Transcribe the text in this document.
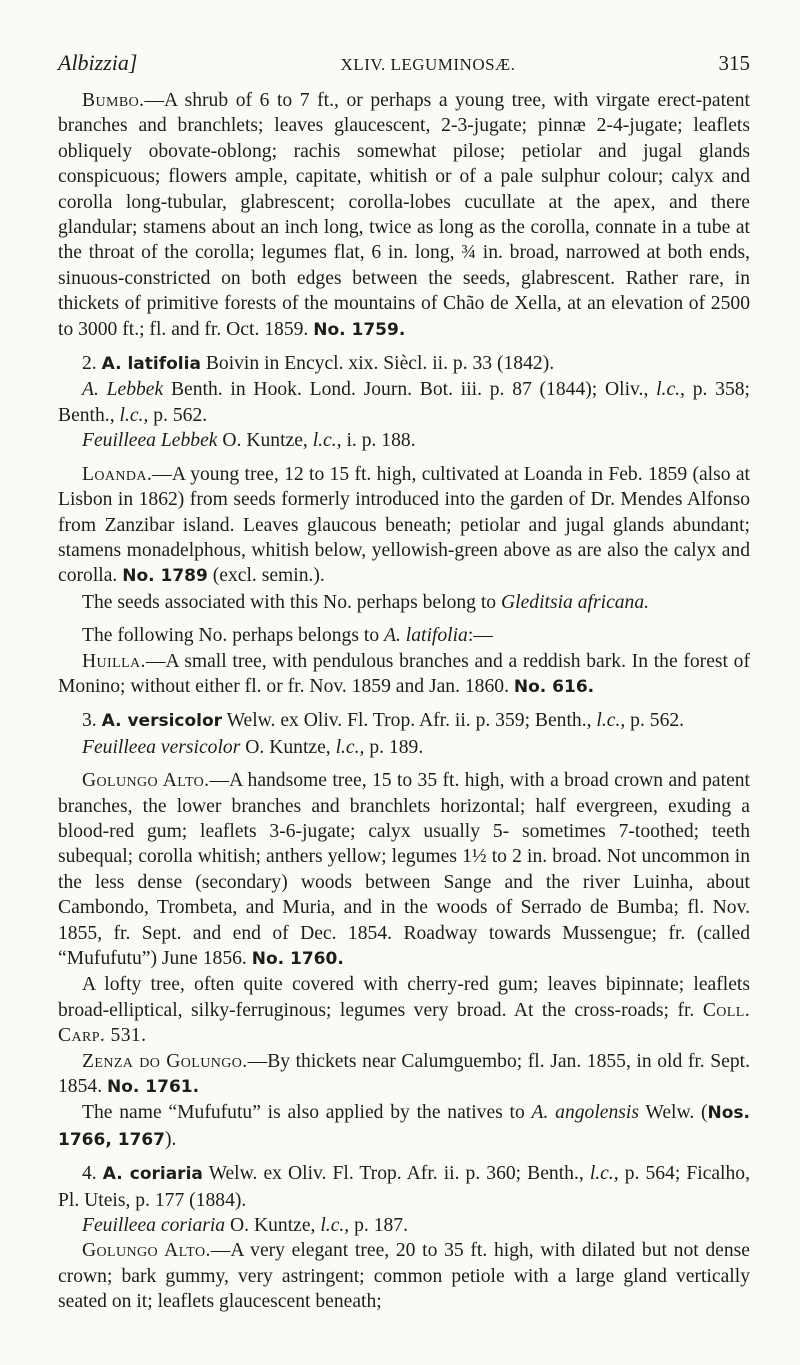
Albizzia]	XLIV. LEGUMINOSÆ.	315

Bumbo.—A shrub of 6 to 7 ft., or perhaps a young tree, with virgate erect-patent branches and branchlets; leaves glaucescent, 2-3-jugate; pinnæ 2-4-jugate; leaflets obliquely obovate-oblong; rachis somewhat pilose; petiolar and jugal glands conspicuous; flowers ample, capitate, whitish or of a pale sulphur colour; calyx and corolla long-tubular, glabrescent; corolla-lobes cucullate at the apex, and there glandular; stamens about an inch long, twice as long as the corolla, connate in a tube at the throat of the corolla; legumes flat, 6 in. long, ¾ in. broad, narrowed at both ends, sinuous-constricted on both edges between the seeds, glabrescent. Rather rare, in thickets of primitive forests of the mountains of Chão de Xella, at an elevation of 2500 to 3000 ft.; fl. and fr. Oct. 1859. No. 1759.

2. A. latifolia Boivin in Encycl. xix. Siècl. ii. p. 33 (1842).

A. Lebbek Benth. in Hook. Lond. Journ. Bot. iii. p. 87 (1844); Oliv., l.c., p. 358; Benth., l.c., p. 562.

Feuilleea Lebbek O. Kuntze, l.c., i. p. 188.

Loanda.—A young tree, 12 to 15 ft. high, cultivated at Loanda in Feb. 1859 (also at Lisbon in 1862) from seeds formerly introduced into the garden of Dr. Mendes Alfonso from Zanzibar island. Leaves glaucous beneath; petiolar and jugal glands abundant; stamens monadelphous, whitish below, yellowish-green above as are also the calyx and corolla. No. 1789 (excl. semin.).

The seeds associated with this No. perhaps belong to Gleditsia africana.

The following No. perhaps belongs to A. latifolia:—

Huilla.—A small tree, with pendulous branches and a reddish bark. In the forest of Monino; without either fl. or fr. Nov. 1859 and Jan. 1860. No. 616.

3. A. versicolor Welw. ex Oliv. Fl. Trop. Afr. ii. p. 359; Benth., l.c., p. 562.

Feuilleea versicolor O. Kuntze, l.c., p. 189.

Golungo Alto.—A handsome tree, 15 to 35 ft. high, with a broad crown and patent branches, the lower branches and branchlets horizontal; half evergreen, exuding a blood-red gum; leaflets 3-6-jugate; calyx usually 5- sometimes 7-toothed; teeth subequal; corolla whitish; anthers yellow; legumes 1½ to 2 in. broad. Not uncommon in the less dense (secondary) woods between Sange and the river Luinha, about Cambondo, Trombeta, and Muria, and in the woods of Serrado de Bumba; fl. Nov. 1855, fr. Sept. and end of Dec. 1854. Roadway towards Mussengue; fr. (called “Mufufutu”) June 1856. No. 1760.

A lofty tree, often quite covered with cherry-red gum; leaves bipinnate; leaflets broad-elliptical, silky-ferruginous; legumes very broad. At the cross-roads; fr. Coll. Carp. 531.

Zenza do Golungo.—By thickets near Calumguembo; fl. Jan. 1855, in old fr. Sept. 1854. No. 1761.

The name “Mufufutu” is also applied by the natives to A. angolensis Welw. (Nos. 1766, 1767).

4. A. coriaria Welw. ex Oliv. Fl. Trop. Afr. ii. p. 360; Benth., l.c., p. 564; Ficalho, Pl. Uteis, p. 177 (1884).

Feuilleea coriaria O. Kuntze, l.c., p. 187.

Golungo Alto.—A very elegant tree, 20 to 35 ft. high, with dilated but not dense crown; bark gummy, very astringent; common petiole with a large gland vertically seated on it; leaflets glaucescent beneath;
